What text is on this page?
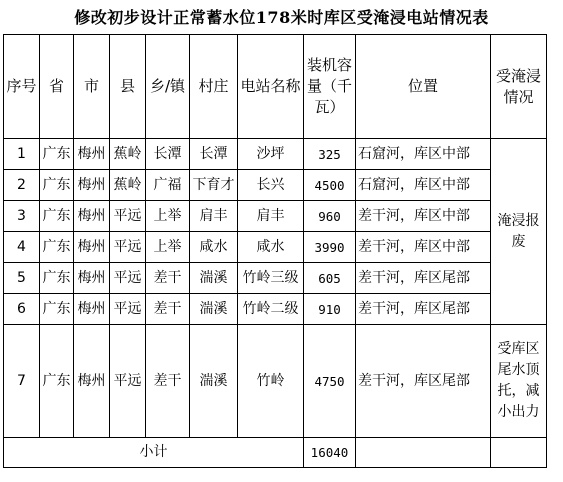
修改初步设计正常蓄水位178米时库区受淹浸电站情况表
序号	省	市	县	乡/镇	村庄	电站名称	装机容量（千瓦）	位置	受淹浸情况

1	广东	梅州	蕉岭	长潭	长潭	沙坪	325	石窟河，库区中部	淹浸报废

2	广东	梅州	蕉岭	广福	下育才	长兴	4500	石窟河，库区中部	
3	广东	梅州	平远	上举	肩丰	肩丰	960	差干河，库区中部	
4	广东	梅州	平远	上举	咸水	咸水	3990	差干河，库区中部	
5	广东	梅州	平远	差干	湍溪	竹岭三级	605	差干河，库区尾部	
6	广东	梅州	平远	差干	湍溪	竹岭二级	910	差干河，库区尾部	
7	广东	梅州	平远	差干	湍溪	竹岭	4750	差干河，库区尾部	受库区尾水顶托，减小出力

小计							16040		
